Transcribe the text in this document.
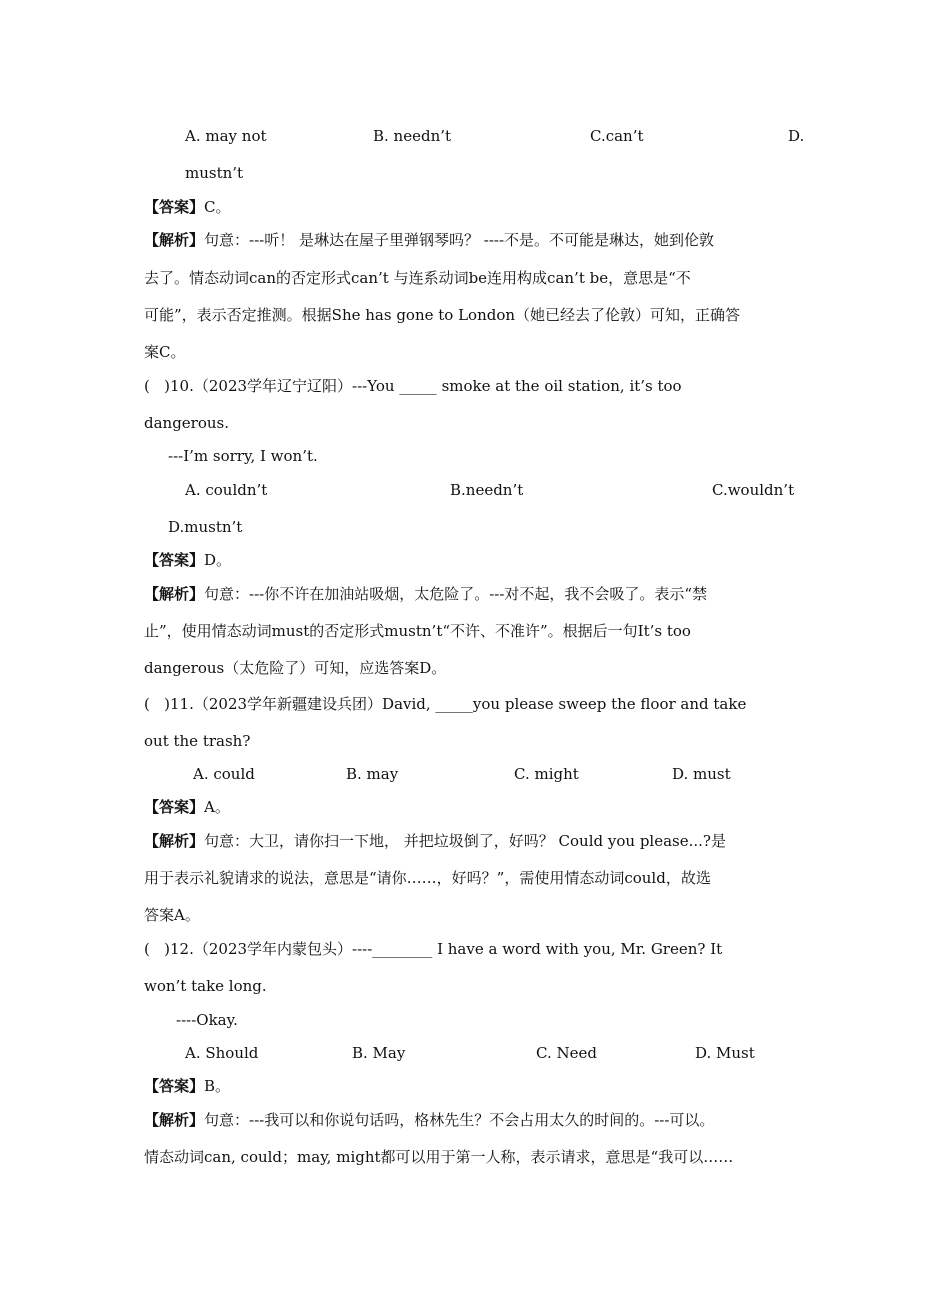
A. may not	B. needn’t	C.can’t	D.
mustn’t
【答案】C。
【解析】句意：---听！ 是琳达在屋子里弹钢琴吗？ ----不是。不可能是琳达，她到伦敦
去了。情态动词can的否定形式can’t 与连系动词be连用构成can’t be，意思是“不
可能”，表示否定推测。根据She has gone to London（她已经去了伦敦）可知，正确答
案C。
(   )10.（2023学年辽宁辽阳）---You _____ smoke at the oil station, it’s too
dangerous.
---I’m sorry, I won’t.
A. couldn’t	B.needn’t	C.wouldn’t
D.mustn’t
【答案】D。
【解析】句意：---你不许在加油站吸烟，太危险了。---对不起，我不会吸了。表示“禁
止”，使用情态动词must的否定形式mustn’t“不许、不准许”。根据后一句It’s too
dangerous（太危险了）可知，应选答案D。
(   )11.（2023学年新疆建设兵团）David, _____you please sweep the floor and take
out the trash?
A. could	B. may	C. might	D. must
【答案】A。
【解析】句意：大卫，请你扫一下地， 并把垃圾倒了，好吗？ Could you please...?是
用于表示礼貌请求的说法，意思是“请你……，好吗？”，需使用情态动词could，故选
答案A。
(   )12.（2023学年内蒙包头）----________ I have a word with you, Mr. Green? It
won’t take long.
----Okay.
A. Should	B. May	C. Need	D. Must
【答案】B。
【解析】句意：---我可以和你说句话吗，格林先生？不会占用太久的时间的。---可以。
情态动词can, could；may, might都可以用于第一人称，表示请求，意思是“我可以……
